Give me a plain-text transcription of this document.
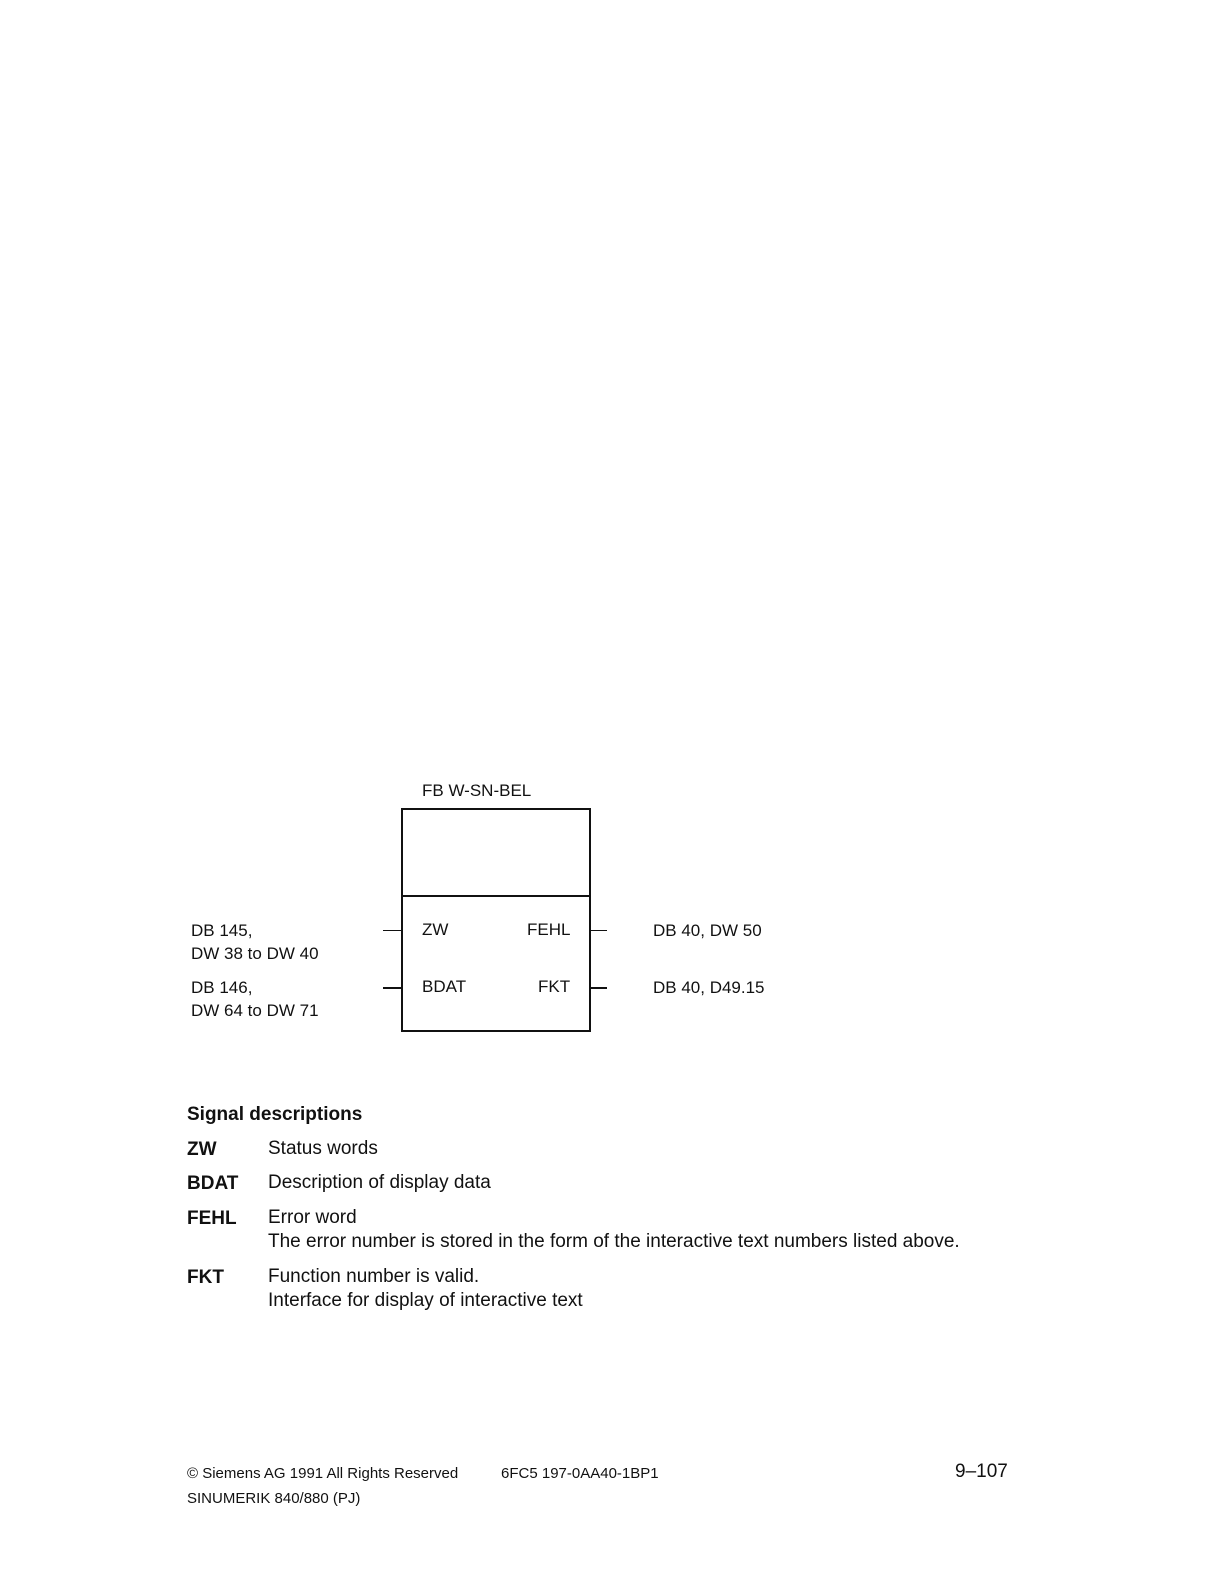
FB W-SN-BEL
DB 145,
DW 38 to DW 40
ZW
DB 146,
DW 64 to DW 71
BDAT
FEHL	DB 40, DW 50
FKT	DB 40, D49.15
Signal descriptions
ZW	Status words
BDAT Description of display data
FEHL Error word
The error number is stored in the form of the interactive text numbers listed above.
FKT Function number is valid.
Interface for display of interactive text
© Siemens AG 1991 All Rights Reserved	6FC5 197-0AA40-1BP1
SINUMERIK 840/880 (PJ)
9–107
